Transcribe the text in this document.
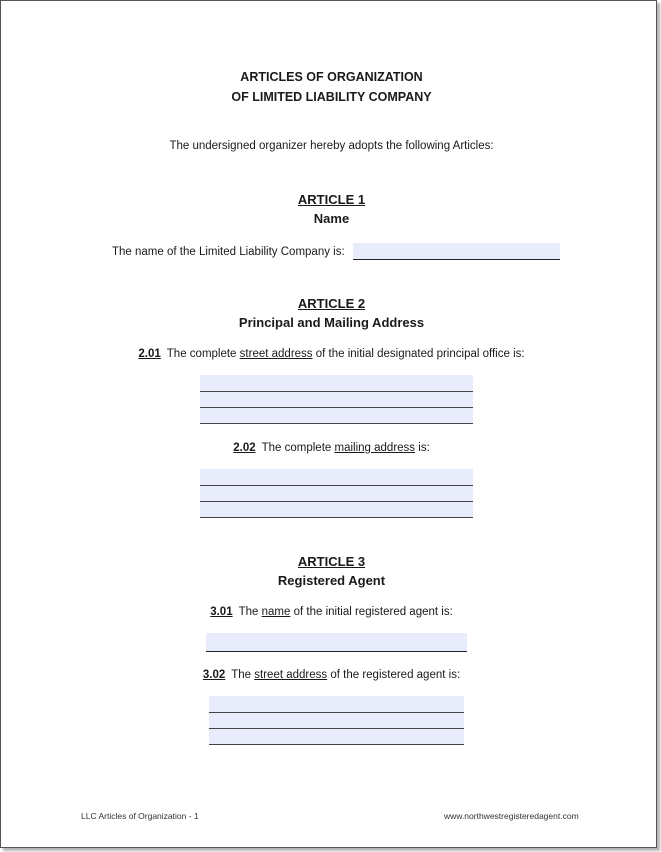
ARTICLES OF ORGANIZATION
OF LIMITED LIABILITY COMPANY
The undersigned organizer hereby adopts the following Articles:
ARTICLE 1
Name
The name of the Limited Liability Company is:
ARTICLE 2
Principal and Mailing Address
2.01 The complete street address of the initial designated principal office is:
2.02 The complete mailing address is:
ARTICLE 3
Registered Agent
3.01 The name of the initial registered agent is:
3.02 The street address of the registered agent is:
LLC Articles of Organization - 1	www.northwestregisteredagent.com
